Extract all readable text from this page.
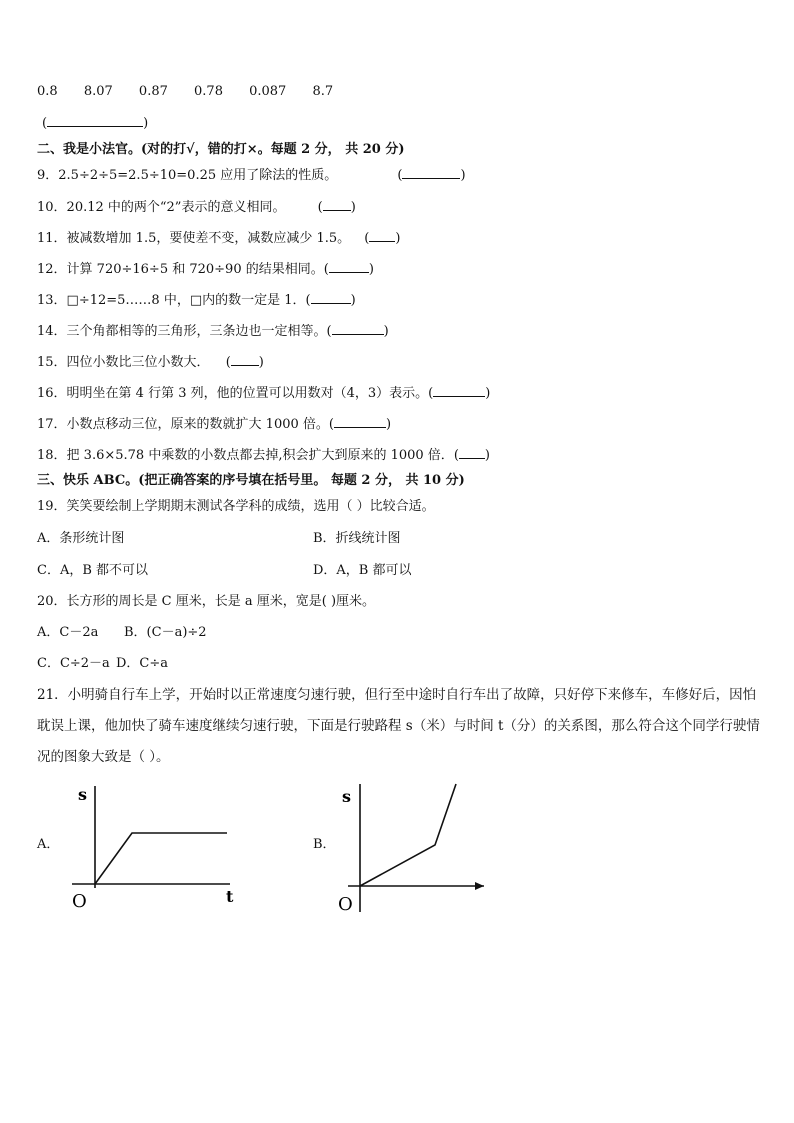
0.8 8.07 0.87 0.78 0.087 8.7
(	)
二、我是小法官。(对的打√，错的打×。每题 2 分， 共 20 分)
9．2.5÷2÷5=2.5÷10=0.25 应用了除法的性质。	(	)
10．20.12 中的两个“2”表示的意义相同。 ( )
11．被减数增加 1.5，要使差不变，减数应减少 1.5。 ( )
12．计算 720÷16÷5 和 720÷90 的结果相同。(	)
13．□÷12=5……8 中，□内的数一定是 1．(	)
14．三个角都相等的三角形，三条边也一定相等。(	)
15．四位小数比三位小数大． ( )
16．明明坐在第 4 行第 3 列，他的位置可以用数对（4，3）表示。(	)
17．小数点移动三位，原来的数就扩大 1000 倍。(	)
18．把 3.6×5.78 中乘数的小数点都去掉,积会扩大到原来的 1000 倍．( )
三、快乐 ABC。(把正确答案的序号填在括号里。 每题 2 分， 共 10 分)
19．笑笑要绘制上学期期末测试各学科的成绩，选用（ ）比较合适。
A．条形统计图	B．折线统计图
C．A，B 都不可以	D．A，B 都可以
20．长方形的周长是 C 厘米，长是 a 厘米，宽是( )厘米。
A．C－2a B．(C－a)÷2
C．C÷2－a D．C÷a
21．小明骑自行车上学，开始时以正常速度匀速行驶，但行至中途时自行车出了故障，只好停下来修车，车修好后，因怕耽误上课，他加快了骑车速度继续匀速行驶，下面是行驶路程 s（米）与时间 t（分）的关系图，那么符合这个同学行驶情况的图象大致是（ ）。
A．
s
t
O
B．
s
O
